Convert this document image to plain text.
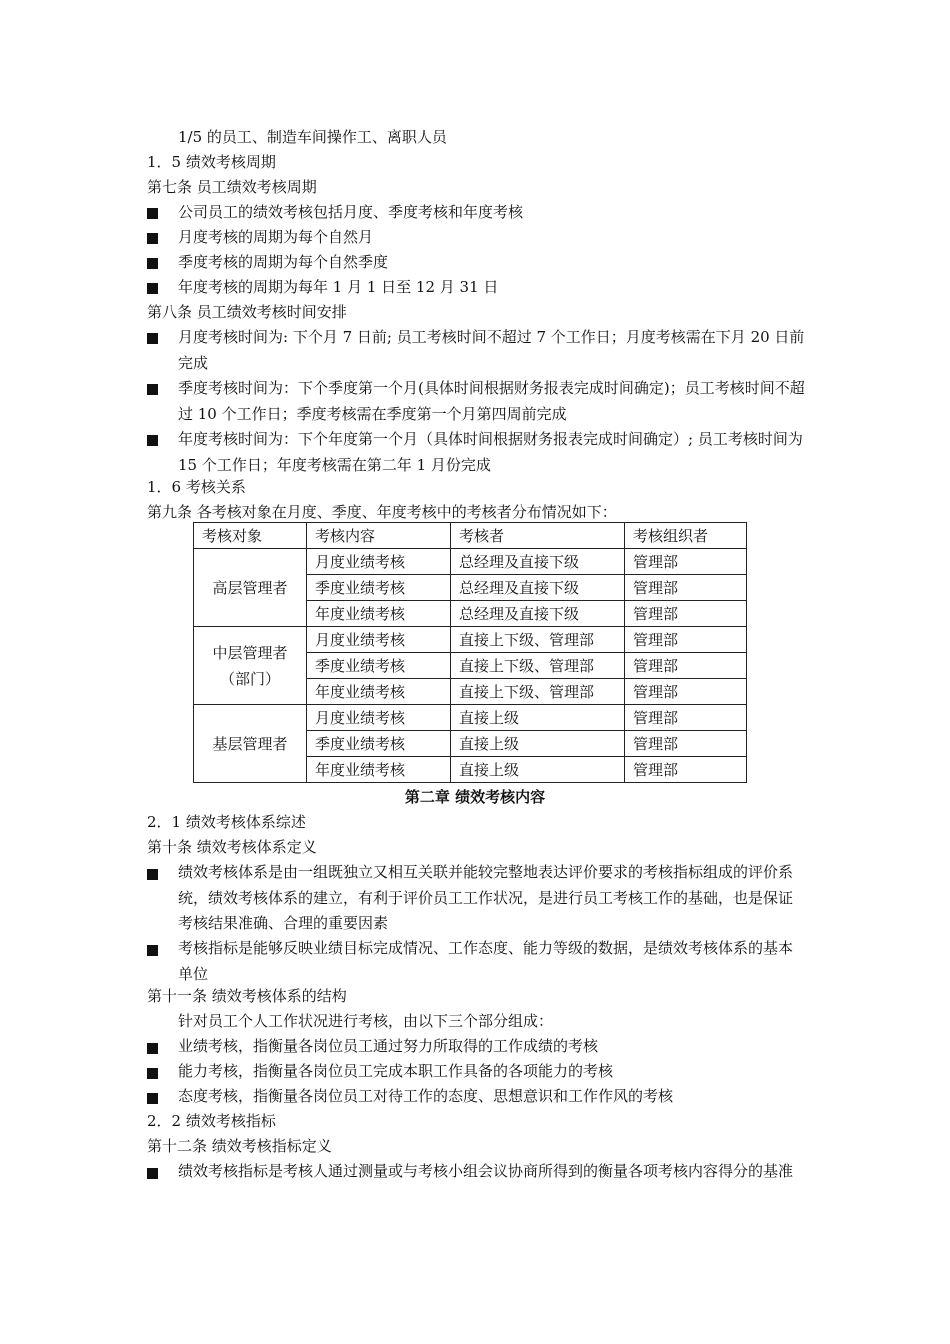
1/5 的员工、制造车间操作工、离职人员
1．5 绩效考核周期
第七条 员工绩效考核周期
公司员工的绩效考核包括月度、季度考核和年度考核
月度考核的周期为每个自然月
季度考核的周期为每个自然季度
年度考核的周期为每年 1 月 1 日至 12 月 31 日
第八条 员工绩效考核时间安排
月度考核时间为: 下个月 7 日前; 员工考核时间不超过 7 个工作日；月度考核需在下月 20 日前完成
季度考核时间为：下个季度第一个月(具体时间根据财务报表完成时间确定)；员工考核时间不超过 10 个工作日；季度考核需在季度第一个月第四周前完成
年度考核时间为：下个年度第一个月（具体时间根据财务报表完成时间确定）; 员工考核时间为 15 个工作日；年度考核需在第二年 1 月份完成
1．6 考核关系
第九条 各考核对象在月度、季度、年度考核中的考核者分布情况如下：
考核对象	考核内容	考核者	考核组织者
高层管理者	月度业绩考核	总经理及直接下级	管理部
	季度业绩考核	总经理及直接下级	管理部
	年度业绩考核	总经理及直接下级	管理部
中层管理者（部门）	月度业绩考核	直接上下级、管理部	管理部
	季度业绩考核	直接上下级、管理部	管理部
	年度业绩考核	直接上下级、管理部	管理部
基层管理者	月度业绩考核	直接上级	管理部
	季度业绩考核	直接上级	管理部
	年度业绩考核	直接上级	管理部
第二章 绩效考核内容
2．1 绩效考核体系综述
第十条 绩效考核体系定义
绩效考核体系是由一组既独立又相互关联并能较完整地表达评价要求的考核指标组成的评价系统，绩效考核体系的建立，有利于评价员工工作状况，是进行员工考核工作的基础，也是保证考核结果准确、合理的重要因素
考核指标是能够反映业绩目标完成情况、工作态度、能力等级的数据，是绩效考核体系的基本单位
第十一条 绩效考核体系的结构
针对员工个人工作状况进行考核，由以下三个部分组成：
业绩考核，指衡量各岗位员工通过努力所取得的工作成绩的考核
能力考核，指衡量各岗位员工完成本职工作具备的各项能力的考核
态度考核，指衡量各岗位员工对待工作的态度、思想意识和工作作风的考核
2．2 绩效考核指标
第十二条 绩效考核指标定义
绩效考核指标是考核人通过测量或与考核小组会议协商所得到的衡量各项考核内容得分的基准
